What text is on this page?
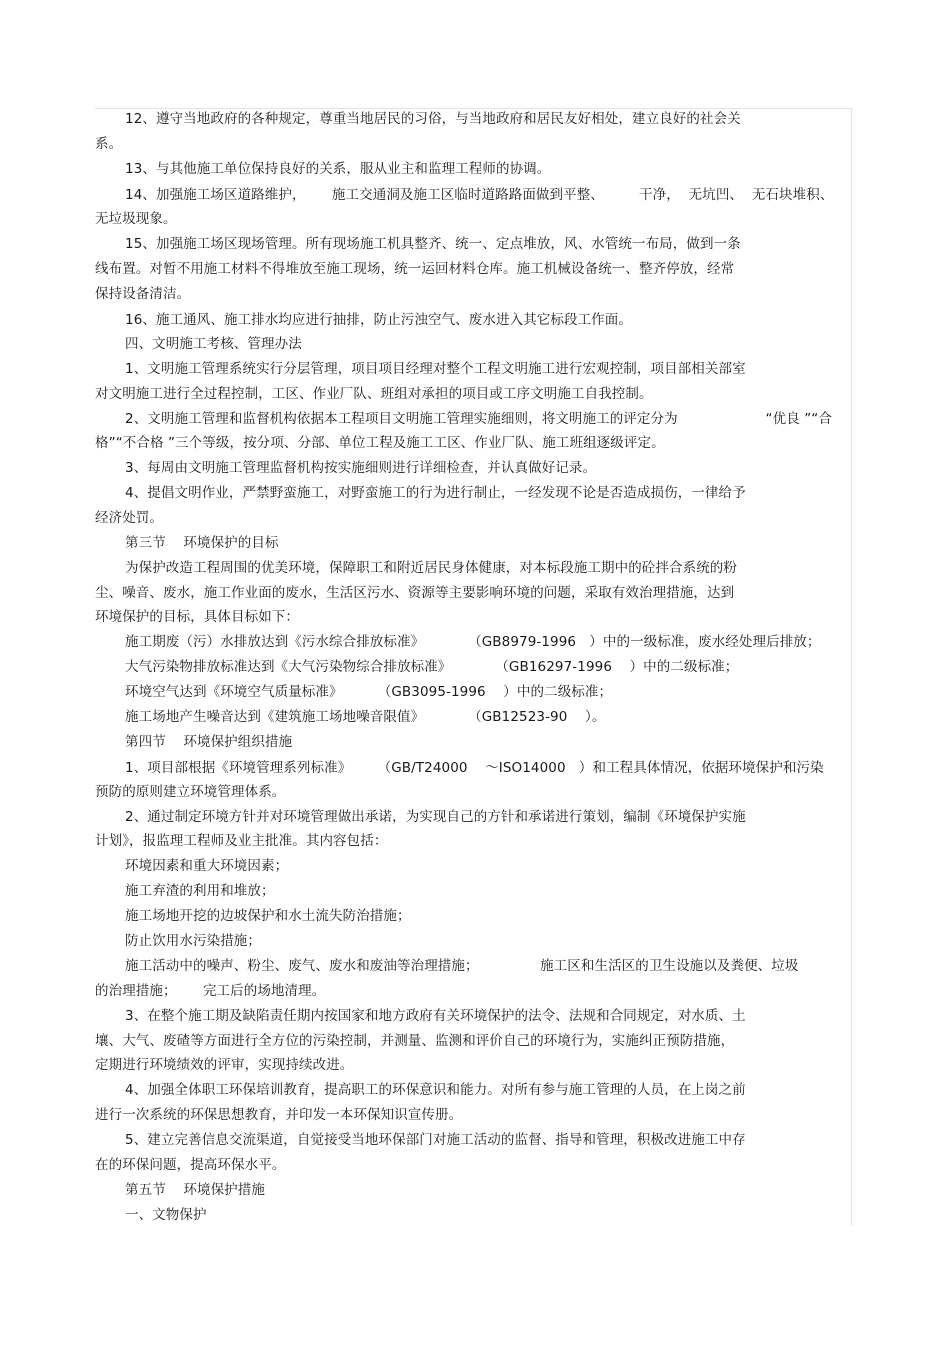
12、遵守当地政府的各种规定，尊重当地居民的习俗，与当地政府和居民友好相处，建立良好的社会关
系。
13、与其他施工单位保持良好的关系，服从业主和监理工程师的协调。
14、加强施工场区道路维护，      施工交通洞及施工区临时道路路面做到平整、        干净，  无坑凹、  无石块堆积、
无垃圾现象。
15、加强施工场区现场管理。所有现场施工机具整齐、统一、定点堆放，风、水管统一布局，做到一条
线布置。对暂不用施工材料不得堆放至施工现场，统一运回材料仓库。施工机械设备统一、整齐停放，经常
保持设备清洁。
16、施工通风、施工排水均应进行抽排，防止污浊空气、废水进入其它标段工作面。
四、文明施工考核、管理办法
1、文明施工管理系统实行分层管理，项目项目经理对整个工程文明施工进行宏观控制，项目部相关部室
对文明施工进行全过程控制，工区、作业厂队、班组对承担的项目或工序文明施工自我控制。
2、文明施工管理和监督机构依据本工程项目文明施工管理实施细则，将文明施工的评定分为                    “优良 ”“合
格”“不合格 ”三个等级，按分项、分部、单位工程及施工工区、作业厂队、施工班组逐级评定。
3、每周由文明施工管理监督机构按实施细则进行详细检查，并认真做好记录。
4、提倡文明作业，严禁野蛮施工，对野蛮施工的行为进行制止，一经发现不论是否造成损伤，一律给予
经济处罚。
第三节    环境保护的目标
为保护改造工程周围的优美环境，保障职工和附近居民身体健康，对本标段施工期中的砼拌合系统的粉
尘、噪音、废水，施工作业面的废水，生活区污水、资源等主要影响环境的问题，采取有效治理措施，达到
环境保护的目标，具体目标如下：
施工期废（污）水排放达到《污水综合排放标准》          （GB8979-1996   ）中的一级标准，废水经处理后排放；
大气污染物排放标准达到《大气污染物综合排放标准》          （GB16297-1996    ）中的二级标准；
环境空气达到《环境空气质量标准》        （GB3095-1996    ）中的二级标准；
施工场地产生噪音达到《建筑施工场地噪音限值》          （GB12523-90    ）。
第四节    环境保护组织措施
1、项目部根据《环境管理系列标准》      （GB/T24000    ～ISO14000   ）和工程具体情况，依据环境保护和污染
预防的原则建立环境管理体系。
2、通过制定环境方针并对环境管理做出承诺，为实现自己的方针和承诺进行策划，编制《环境保护实施
计划》，报监理工程师及业主批准。其内容包括：
环境因素和重大环境因素；
施工弃渣的利用和堆放；
施工场地开挖的边坡保护和水土流失防治措施；
防止饮用水污染措施；
施工活动中的噪声、粉尘、废气、废水和废油等治理措施；              施工区和生活区的卫生设施以及粪便、垃圾
的治理措施；      完工后的场地清理。
3、在整个施工期及缺陷责任期内按国家和地方政府有关环境保护的法令、法规和合同规定，对水质、土
壤、大气、废碴等方面进行全方位的污染控制，并测量、监测和评价自己的环境行为，实施纠正预防措施，
定期进行环境绩效的评审，实现持续改进。
4、加强全体职工环保培训教育，提高职工的环保意识和能力。对所有参与施工管理的人员，在上岗之前
进行一次系统的环保思想教育，并印发一本环保知识宣传册。
5、建立完善信息交流渠道，自觉接受当地环保部门对施工活动的监督、指导和管理，积极改进施工中存
在的环保问题，提高环保水平。
第五节    环境保护措施
一、文物保护
